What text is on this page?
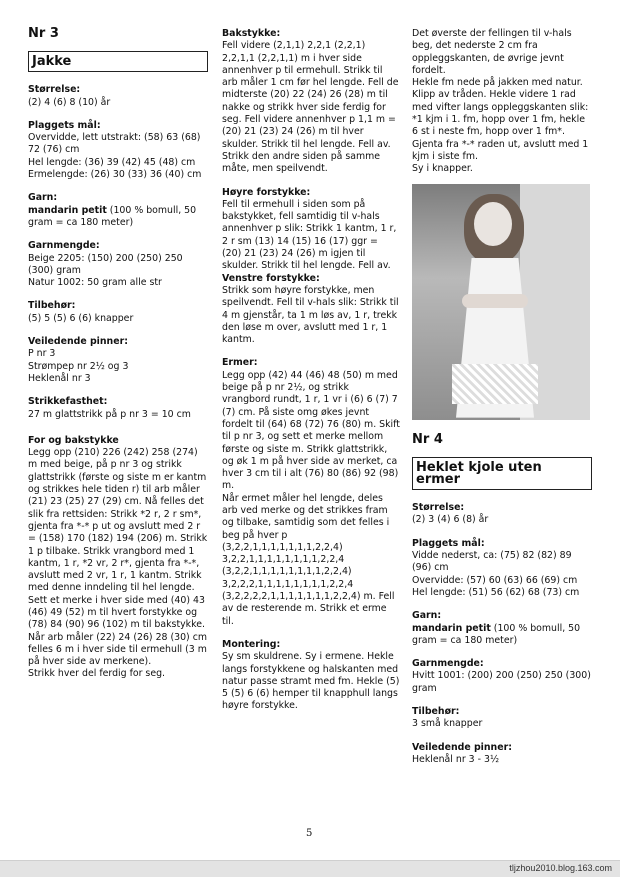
Nr 3
Jakke
Størrelse:
(2) 4 (6) 8 (10) år
Plaggets mål:
Overvidde, lett utstrakt: (58) 63 (68) 72 (76) cm
Hel lengde: (36) 39 (42) 45 (48) cm
Ermelengde: (26) 30 (33) 36 (40) cm
Garn:
mandarin petit (100 % bomull, 50 gram = ca 180 meter)
Garnmengde:
Beige 2205: (150) 200 (250) 250 (300) gram
Natur 1002: 50 gram alle str
Tilbehør:
(5) 5 (5) 6 (6) knapper
Veiledende pinner:
P nr 3
Strømpep nr 2½ og 3
Heklenål nr 3
Strikkefasthet:
27 m glattstrikk på p nr 3 = 10 cm
For og bakstykke
Legg opp (210) 226 (242) 258 (274) m med beige, på p nr 3 og strikk glattstrikk (første og siste m er kantm og strikkes hele tiden r) til arb måler (21) 23 (25) 27 (29) cm. Nå felles det slik fra rettsiden: Strikk *2 r, 2 r sm*, gjenta fra *-* p ut og avslutt med 2 r = (158) 170 (182) 194 (206) m. Strikk 1 p tilbake. Strikk vrangbord med 1 kantm, 1 r, *2 vr, 2 r*, gjenta fra *-*, avslutt med 2 vr, 1 r, 1 kantm. Strikk med denne inndeling til hel lengde.
Sett et merke i hver side med (40) 43 (46) 49 (52) m til hvert forstykke og (78) 84 (90) 96 (102) m til bakstykke.
Når arb måler (22) 24 (26) 28 (30) cm felles 6 m i hver side til ermehull (3 m på hver side av merkene).
Strikk hver del ferdig for seg.
Bakstykke:
Fell videre (2,1,1) 2,2,1 (2,2,1) 2,2,1,1 (2,2,1,1) m i hver side annenhver p til ermehull. Strikk til arb måler 1 cm før hel lengde. Fell de midterste (20) 22 (24) 26 (28) m til nakke og strikk hver side ferdig for seg. Fell videre annenhver p 1,1 m = (20) 21 (23) 24 (26) m til hver skulder. Strikk til hel lengde. Fell av.
Strikk den andre siden på samme måte, men speilvendt.
Høyre forstykke:
Fell til ermehull i siden som på bakstykket, fell samtidig til v-hals annenhver p slik: Strikk 1 kantm, 1 r, 2 r sm (13) 14 (15) 16 (17) ggr = (20) 21 (23) 24 (26) m igjen til skulder. Strikk til hel lengde. Fell av.
Venstre forstykke:
Strikk som høyre forstykke, men speilvendt. Fell til v-hals slik: Strikk til 4 m gjenstår, ta 1 m løs av, 1 r, trekk den løse m over, avslutt med 1 r, 1 kantm.
Ermer:
Legg opp (42) 44 (46) 48 (50) m med beige på p nr 2½, og strikk vrangbord rundt, 1 r, 1 vr i (6) 6 (7) 7 (7) cm. På siste omg økes jevnt fordelt til (64) 68 (72) 76 (80) m. Skift til p nr 3, og sett et merke mellom første og siste m. Strikk glattstrikk, og øk 1 m på hver side av merket, ca hver 3 cm til i alt (76) 80 (86) 92 (98) m.
Når ermet måler hel lengde, deles arb ved merke og det strikkes fram og tilbake, samtidig som det felles i beg på hver p (3,2,2,1,1,1,1,1,1,1,2,2,4) 3,2,2,1,1,1,1,1,1,1,1,2,2,4 (3,2,2,1,1,1,1,1,1,1,1,2,2,4) 3,2,2,2,1,1,1,1,1,1,1,1,2,2,4 (3,2,2,2,2,1,1,1,1,1,1,1,2,2,4) m. Fell av de resterende m. Strikk et erme til.
Montering:
Sy sm skuldrene. Sy i ermene. Hekle langs forstykkene og halskanten med natur passe stramt med fm. Hekle (5) 5 (5) 6 (6) hemper til knapphull langs høyre forstykke.
Det øverste der fellingen til v-hals beg, det nederste 2 cm fra oppleggskanten, de øvrige jevnt fordelt.
Hekle fm nede på jakken med natur. Klipp av tråden. Hekle videre 1 rad med vifter langs oppleggskanten slik: *1 kjm i 1. fm, hopp over 1 fm, hekle 6 st i neste fm, hopp over 1 fm*. Gjenta fra *-* raden ut, avslutt med 1 kjm i siste fm.
Sy i knapper.
Nr 4
Heklet kjole uten ermer
Størrelse:
(2) 3 (4) 6 (8) år
Plaggets mål:
Vidde nederst, ca: (75) 82 (82) 89 (96) cm
Overvidde: (57) 60 (63) 66 (69) cm
Hel lengde: (51) 56 (62) 68 (73) cm
Garn:
mandarin petit (100 % bomull, 50 gram = ca 180 meter)
Garnmengde:
Hvitt 1001: (200) 200 (250) 250 (300) gram
Tilbehør:
3 små knapper
Veiledende pinner:
Heklenål nr 3 - 3½
5
tljzhou2010.blog.163.com
